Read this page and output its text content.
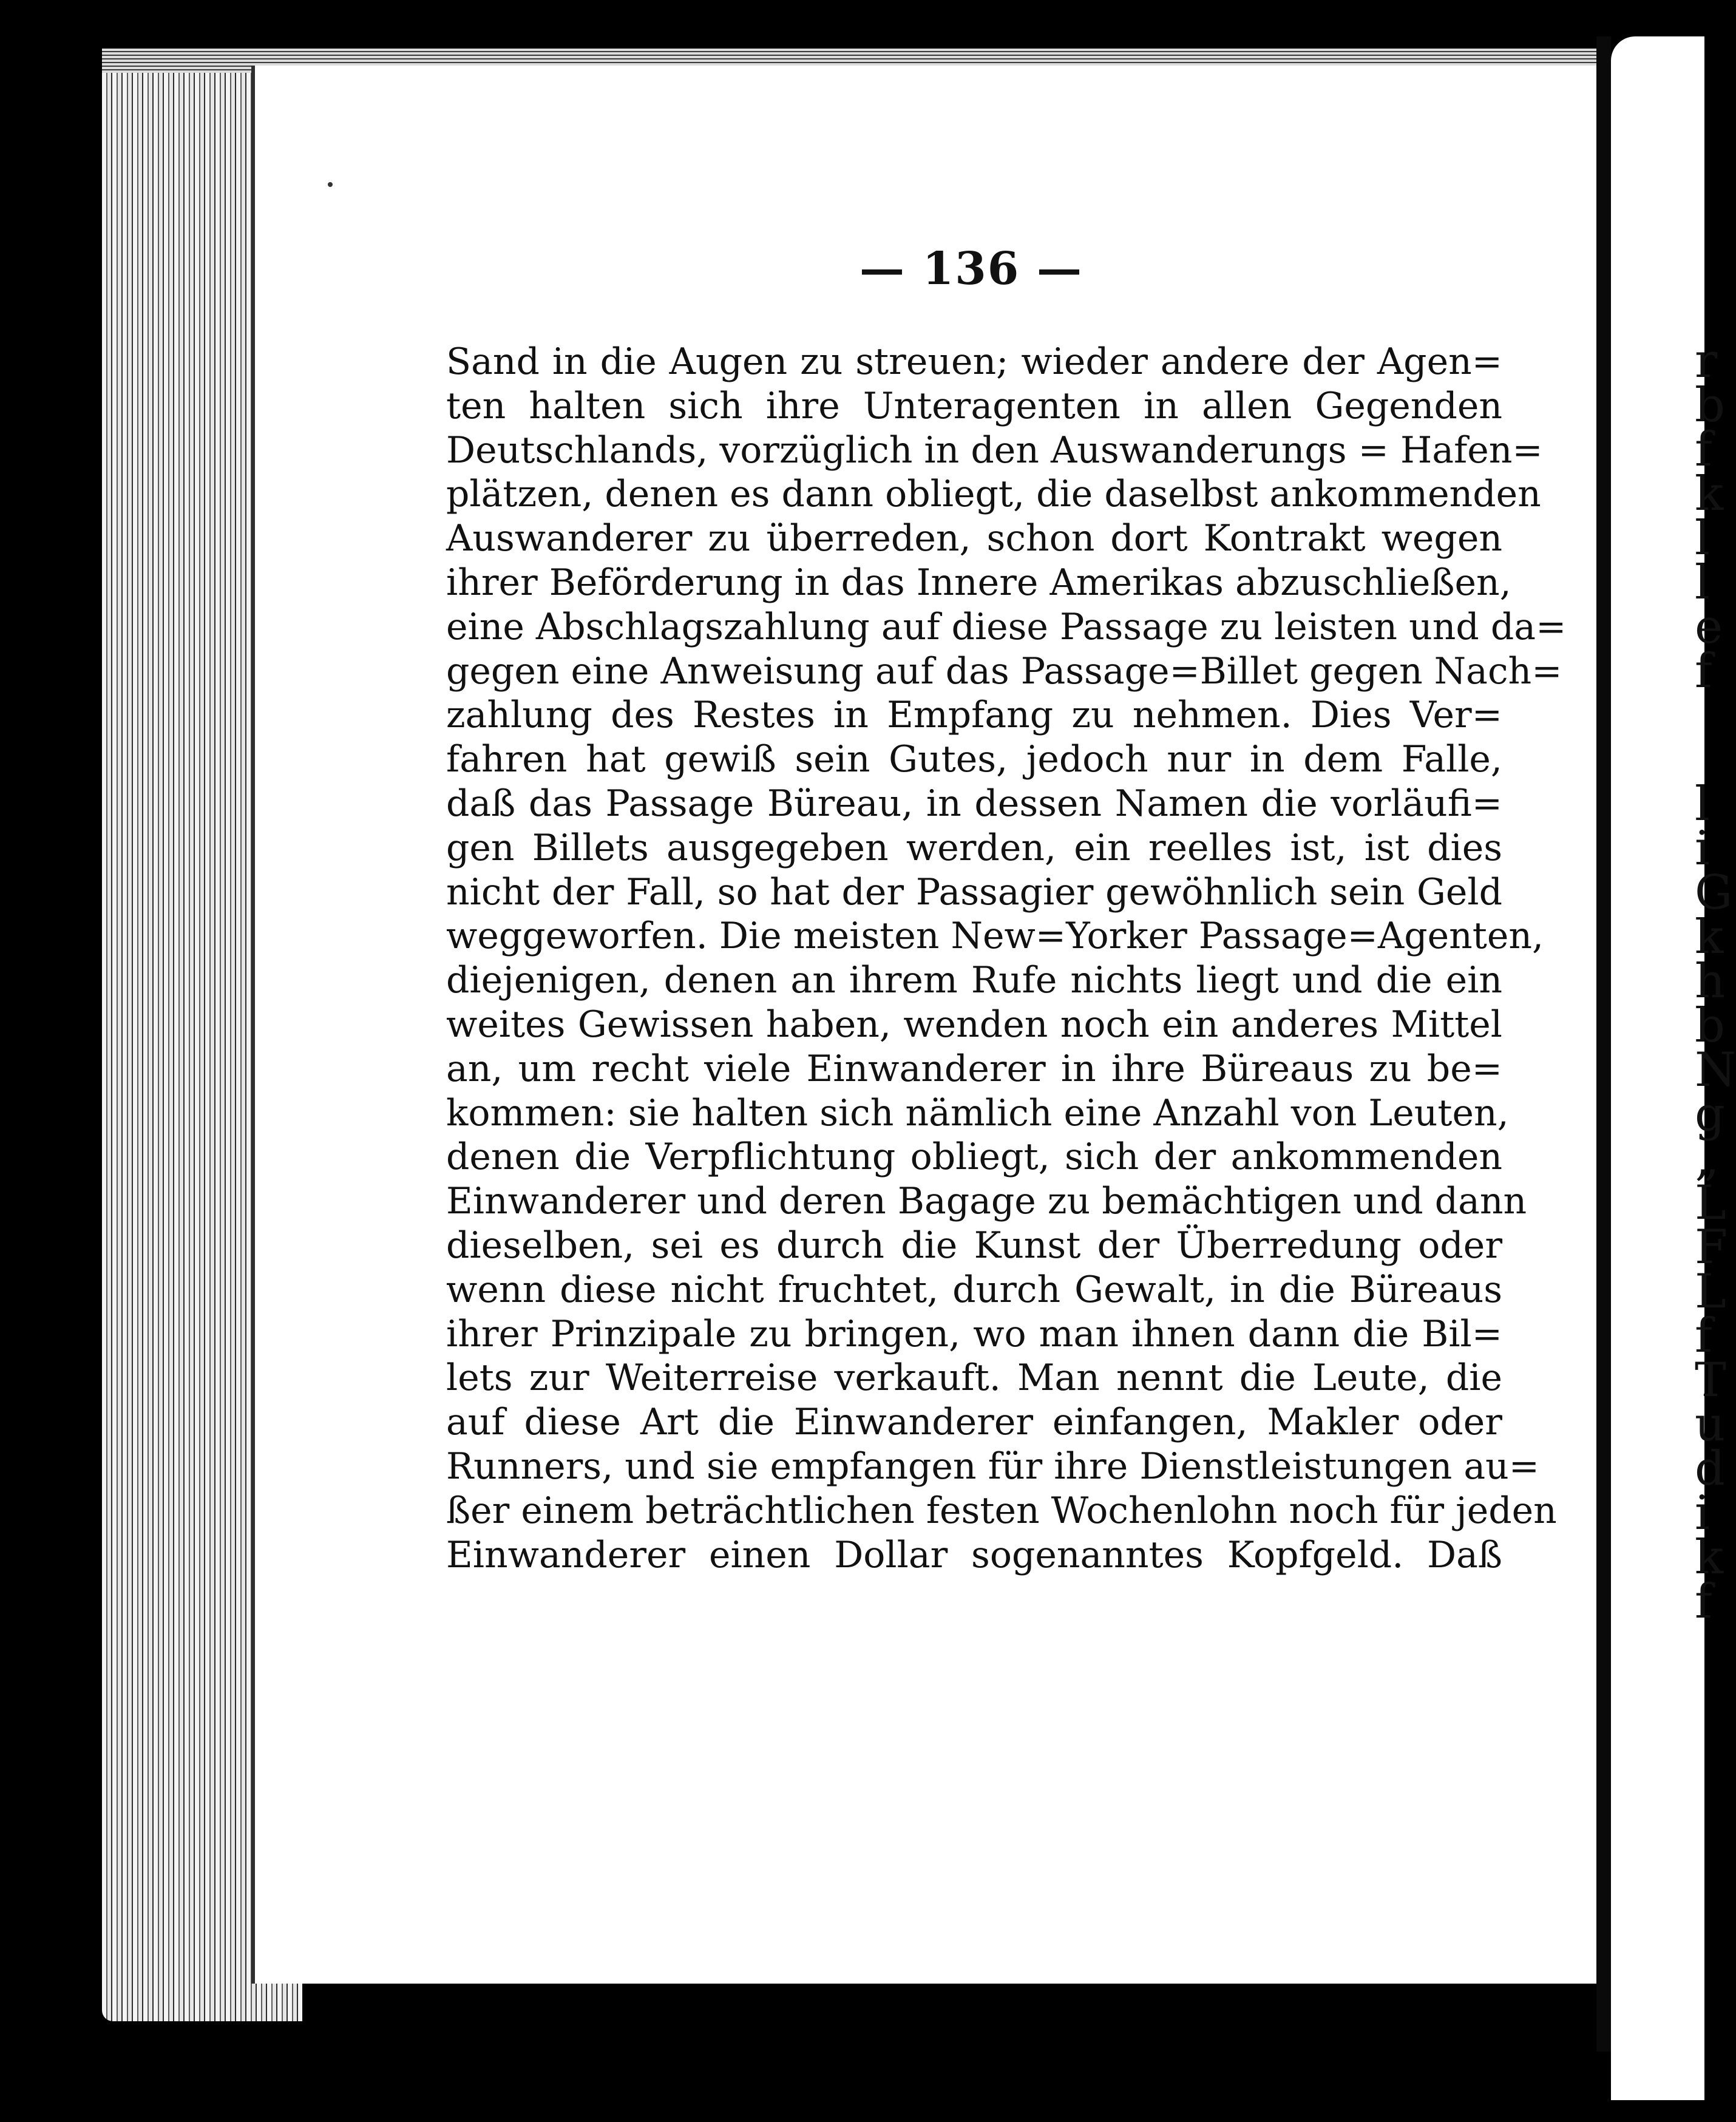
r
b
f
k
l
l
e
f
l
i
G
k
h
b
N
g
„
L
F
L
f
T
u
d
i
k
f
— 136 —
Sand in die Augen zu streuen; wieder andere der Agen=
ten halten sich ihre Unteragenten in allen Gegenden
Deutschlands, vorzüglich in den Auswanderungs = Hafen=
plätzen, denen es dann obliegt, die daselbst ankommenden
Auswanderer zu überreden, schon dort Kontrakt wegen
ihrer Beförderung in das Innere Amerikas abzuschließen,
eine Abschlagszahlung auf diese Passage zu leisten und da=
gegen eine Anweisung auf das Passage=Billet gegen Nach=
zahlung des Restes in Empfang zu nehmen. Dies Ver=
fahren hat gewiß sein Gutes, jedoch nur in dem Falle,
daß das Passage Büreau, in dessen Namen die vorläufi=
gen Billets ausgegeben werden, ein reelles ist, ist dies
nicht der Fall, so hat der Passagier gewöhnlich sein Geld
weggeworfen. Die meisten New=Yorker Passage=Agenten,
diejenigen, denen an ihrem Rufe nichts liegt und die ein
weites Gewissen haben, wenden noch ein anderes Mittel
an, um recht viele Einwanderer in ihre Büreaus zu be=
kommen: sie halten sich nämlich eine Anzahl von Leuten,
denen die Verpflichtung obliegt, sich der ankommenden
Einwanderer und deren Bagage zu bemächtigen und dann
dieselben, sei es durch die Kunst der Überredung oder
wenn diese nicht fruchtet, durch Gewalt, in die Büreaus
ihrer Prinzipale zu bringen, wo man ihnen dann die Bil=
lets zur Weiterreise verkauft. Man nennt die Leute, die
auf diese Art die Einwanderer einfangen, Makler oder
Runners, und sie empfangen für ihre Dienstleistungen au=
ßer einem beträchtlichen festen Wochenlohn noch für jeden
Einwanderer einen Dollar sogenanntes Kopfgeld. Daß
